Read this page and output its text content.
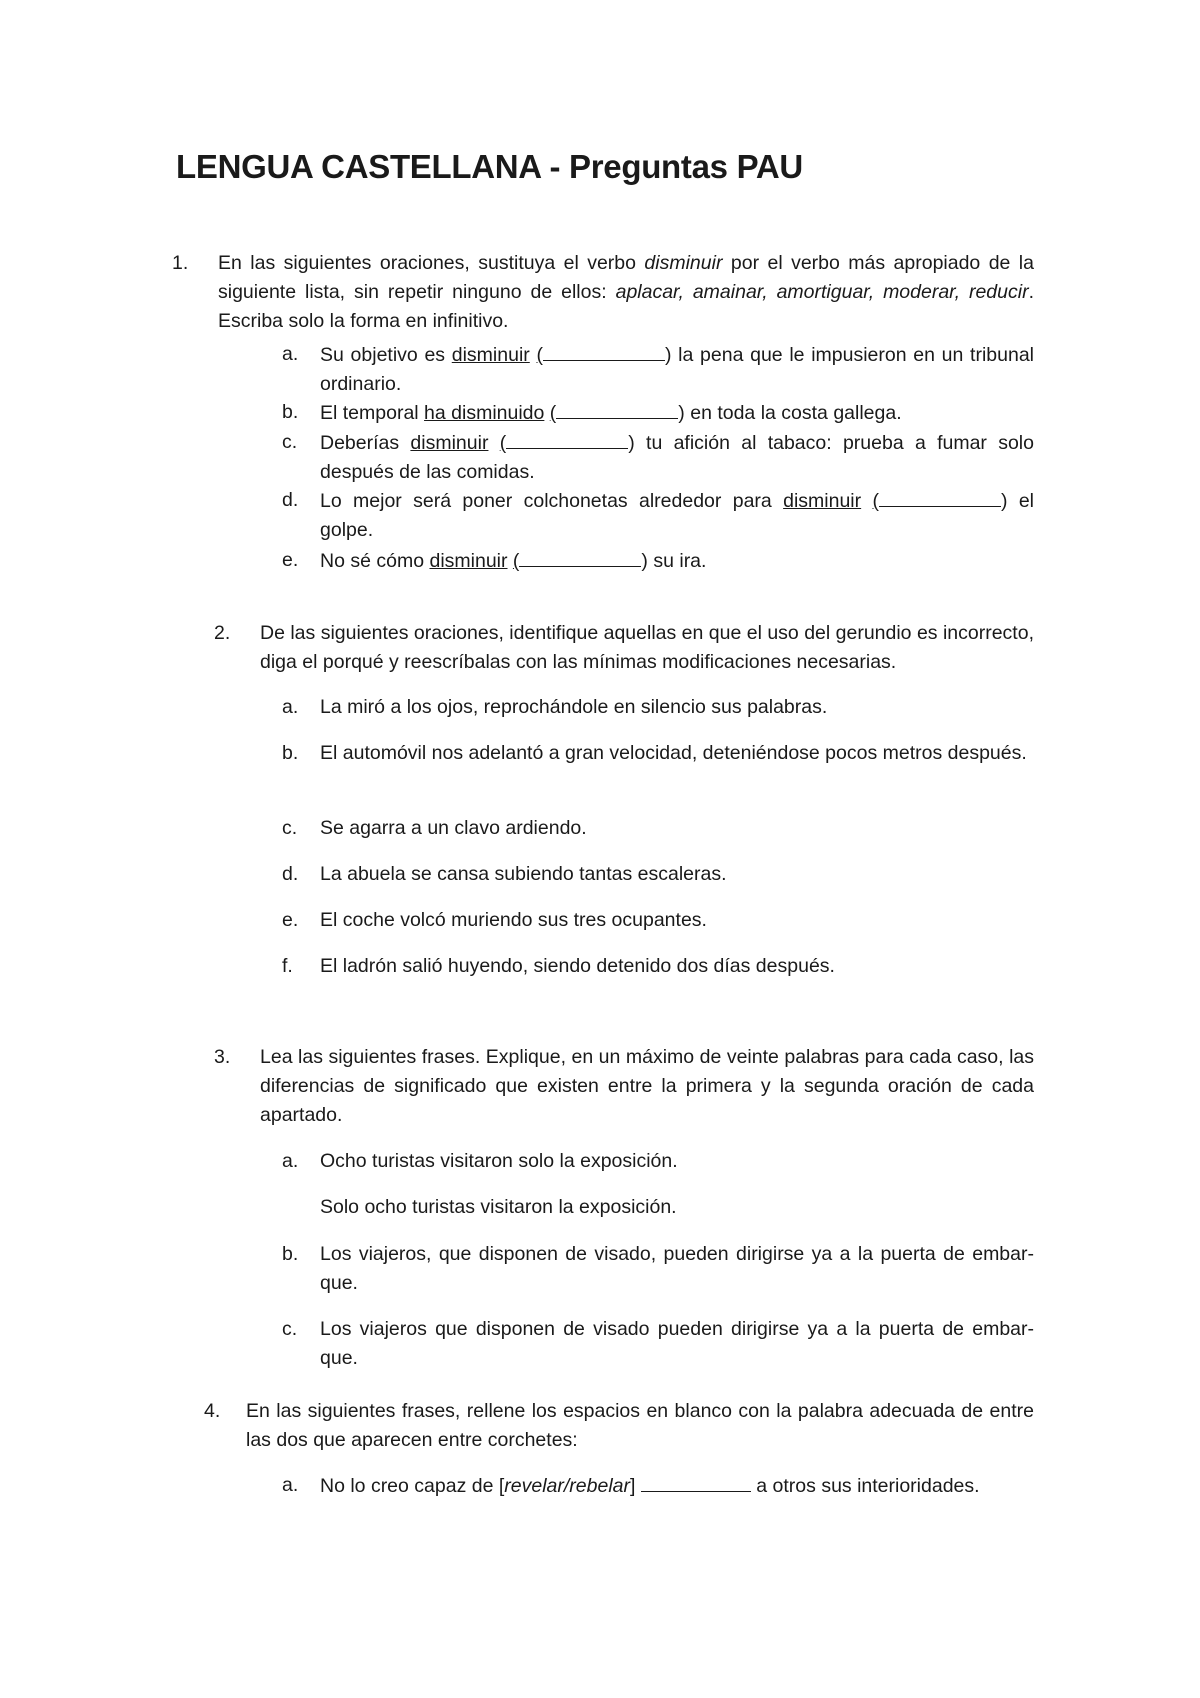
LENGUA CASTELLANA - Preguntas PAU
1. En las siguientes oraciones, sustituya el verbo disminuir por el verbo más apropiado de la siguiente lista, sin repetir ninguno de ellos: aplacar, amainar, amortiguar, moderar, reducir. Escriba solo la forma en infinitivo.
a. Su objetivo es disminuir (	) la pena que le impusieron en un tribunal ordinario.
b. El temporal ha disminuido (	) en toda la costa gallega.
c. Deberías disminuir (	) tu afición al tabaco: prueba a fumar solo después de las comidas.
d. Lo mejor será poner colchonetas alrededor para disminuir (	) el golpe.
e. No sé cómo disminuir (	) su ira.
2. De las siguientes oraciones, identifique aquellas en que el uso del gerundio es incorrecto, diga el porqué y reescríbalas con las mínimas modificaciones necesarias.
a. La miró a los ojos, reprochándole en silencio sus palabras.
b. El automóvil nos adelantó a gran velocidad, deteniéndose pocos metros después.
c. Se agarra a un clavo ardiendo.
d. La abuela se cansa subiendo tantas escaleras.
e. El coche volcó muriendo sus tres ocupantes.
f. El ladrón salió huyendo, siendo detenido dos días después.
3. Lea las siguientes frases. Explique, en un máximo de veinte palabras para cada caso, las diferencias de significado que existen entre la primera y la segunda oración de cada apartado.
a. Ocho turistas visitaron solo la exposición.
Solo ocho turistas visitaron la exposición.
b. Los viajeros, que disponen de visado, pueden dirigirse ya a la puerta de embar-que.
c. Los viajeros que disponen de visado pueden dirigirse ya a la puerta de embar-que.
4. En las siguientes frases, rellene los espacios en blanco con la palabra adecuada de entre las dos que aparecen entre corchetes:
a. No lo creo capaz de [revelar/rebelar]	a otros sus interioridades.
